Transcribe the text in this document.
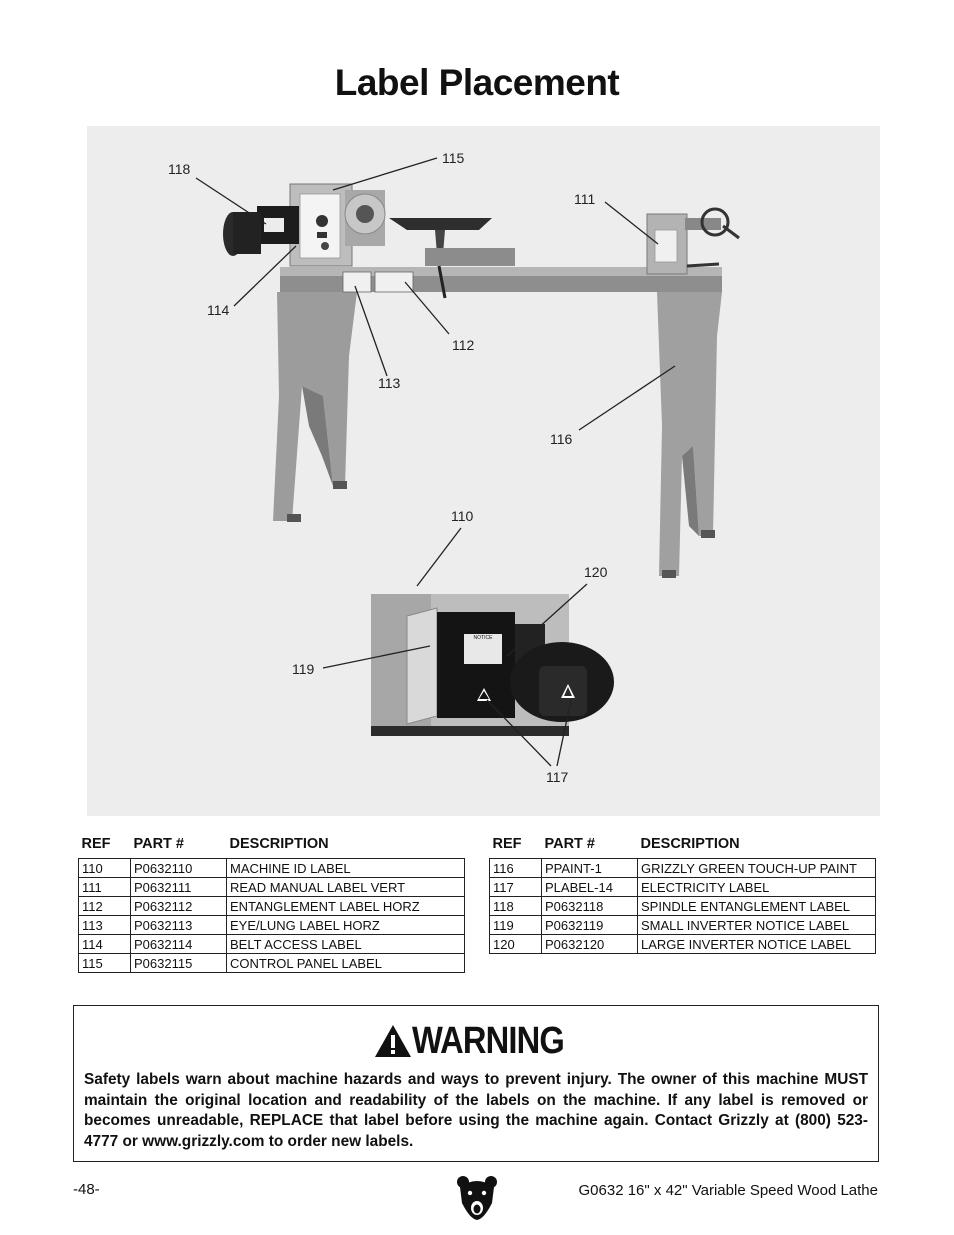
Label Placement
NOTICE
118
115
111
114
112
113
116
110
120
119
117
REF	PART #	DESCRIPTION
110	P0632110	MACHINE ID LABEL
111	P0632111	READ MANUAL LABEL VERT
112	P0632112	ENTANGLEMENT LABEL HORZ
113	P0632113	EYE/LUNG LABEL HORZ
114	P0632114	BELT ACCESS LABEL
115	P0632115	CONTROL PANEL LABEL
REF	PART #	DESCRIPTION
116	PPAINT-1	GRIZZLY GREEN TOUCH-UP PAINT
117	PLABEL-14	ELECTRICITY LABEL
118	P0632118	SPINDLE ENTANGLEMENT LABEL
119	P0632119	SMALL INVERTER NOTICE LABEL
120	P0632120	LARGE INVERTER NOTICE LABEL
WARNING
Safety labels warn about machine hazards and ways to prevent injury. The owner of this machine MUST maintain the original location and readability of the labels on the machine. If any label is removed or becomes unreadable, REPLACE that label before using the machine again. Contact Grizzly at (800) 523-4777 or www.grizzly.com to order new labels.
-48-	G0632 16" x 42" Variable Speed Wood Lathe
